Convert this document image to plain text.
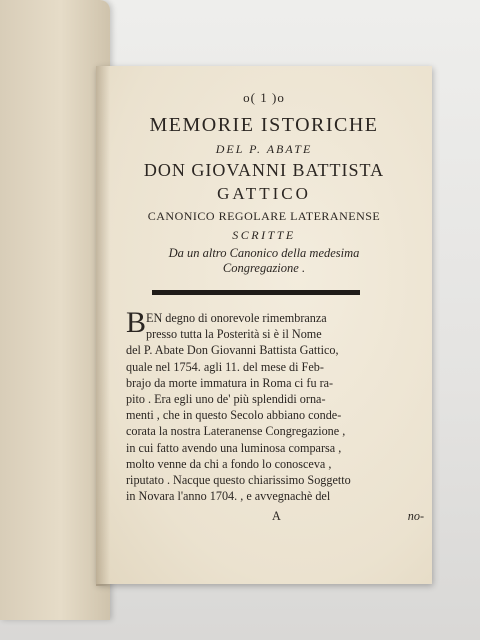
o( 1 )o
MEMORIE ISTORICHE
DEL P. ABATE
DON GIOVANNI BATTISTA
GATTICO
CANONICO REGOLARE LATERANENSE
SCRITTE
Da un altro Canonico della medesima
Congregazione .
B EN degno di onorevole rimembranza
presso tutta la Posterità si è il Nome
del P. Abate Don Giovanni Battista Gattico,
quale nel 1754. agli 11. del mese di Feb-
brajo da morte immatura in Roma ci fu ra-
pito . Era egli uno de' più splendidi orna-
menti , che in questo Secolo abbiano conde-
corata la nostra Lateranense Congregazione ,
in cui fatto avendo una luminosa comparsa ,
molto venne da chi a fondo lo conosceva ,
riputato . Nacque questo chiarissimo Soggetto
in Novara l'anno 1704. , e avvegnachè del
A	no-
